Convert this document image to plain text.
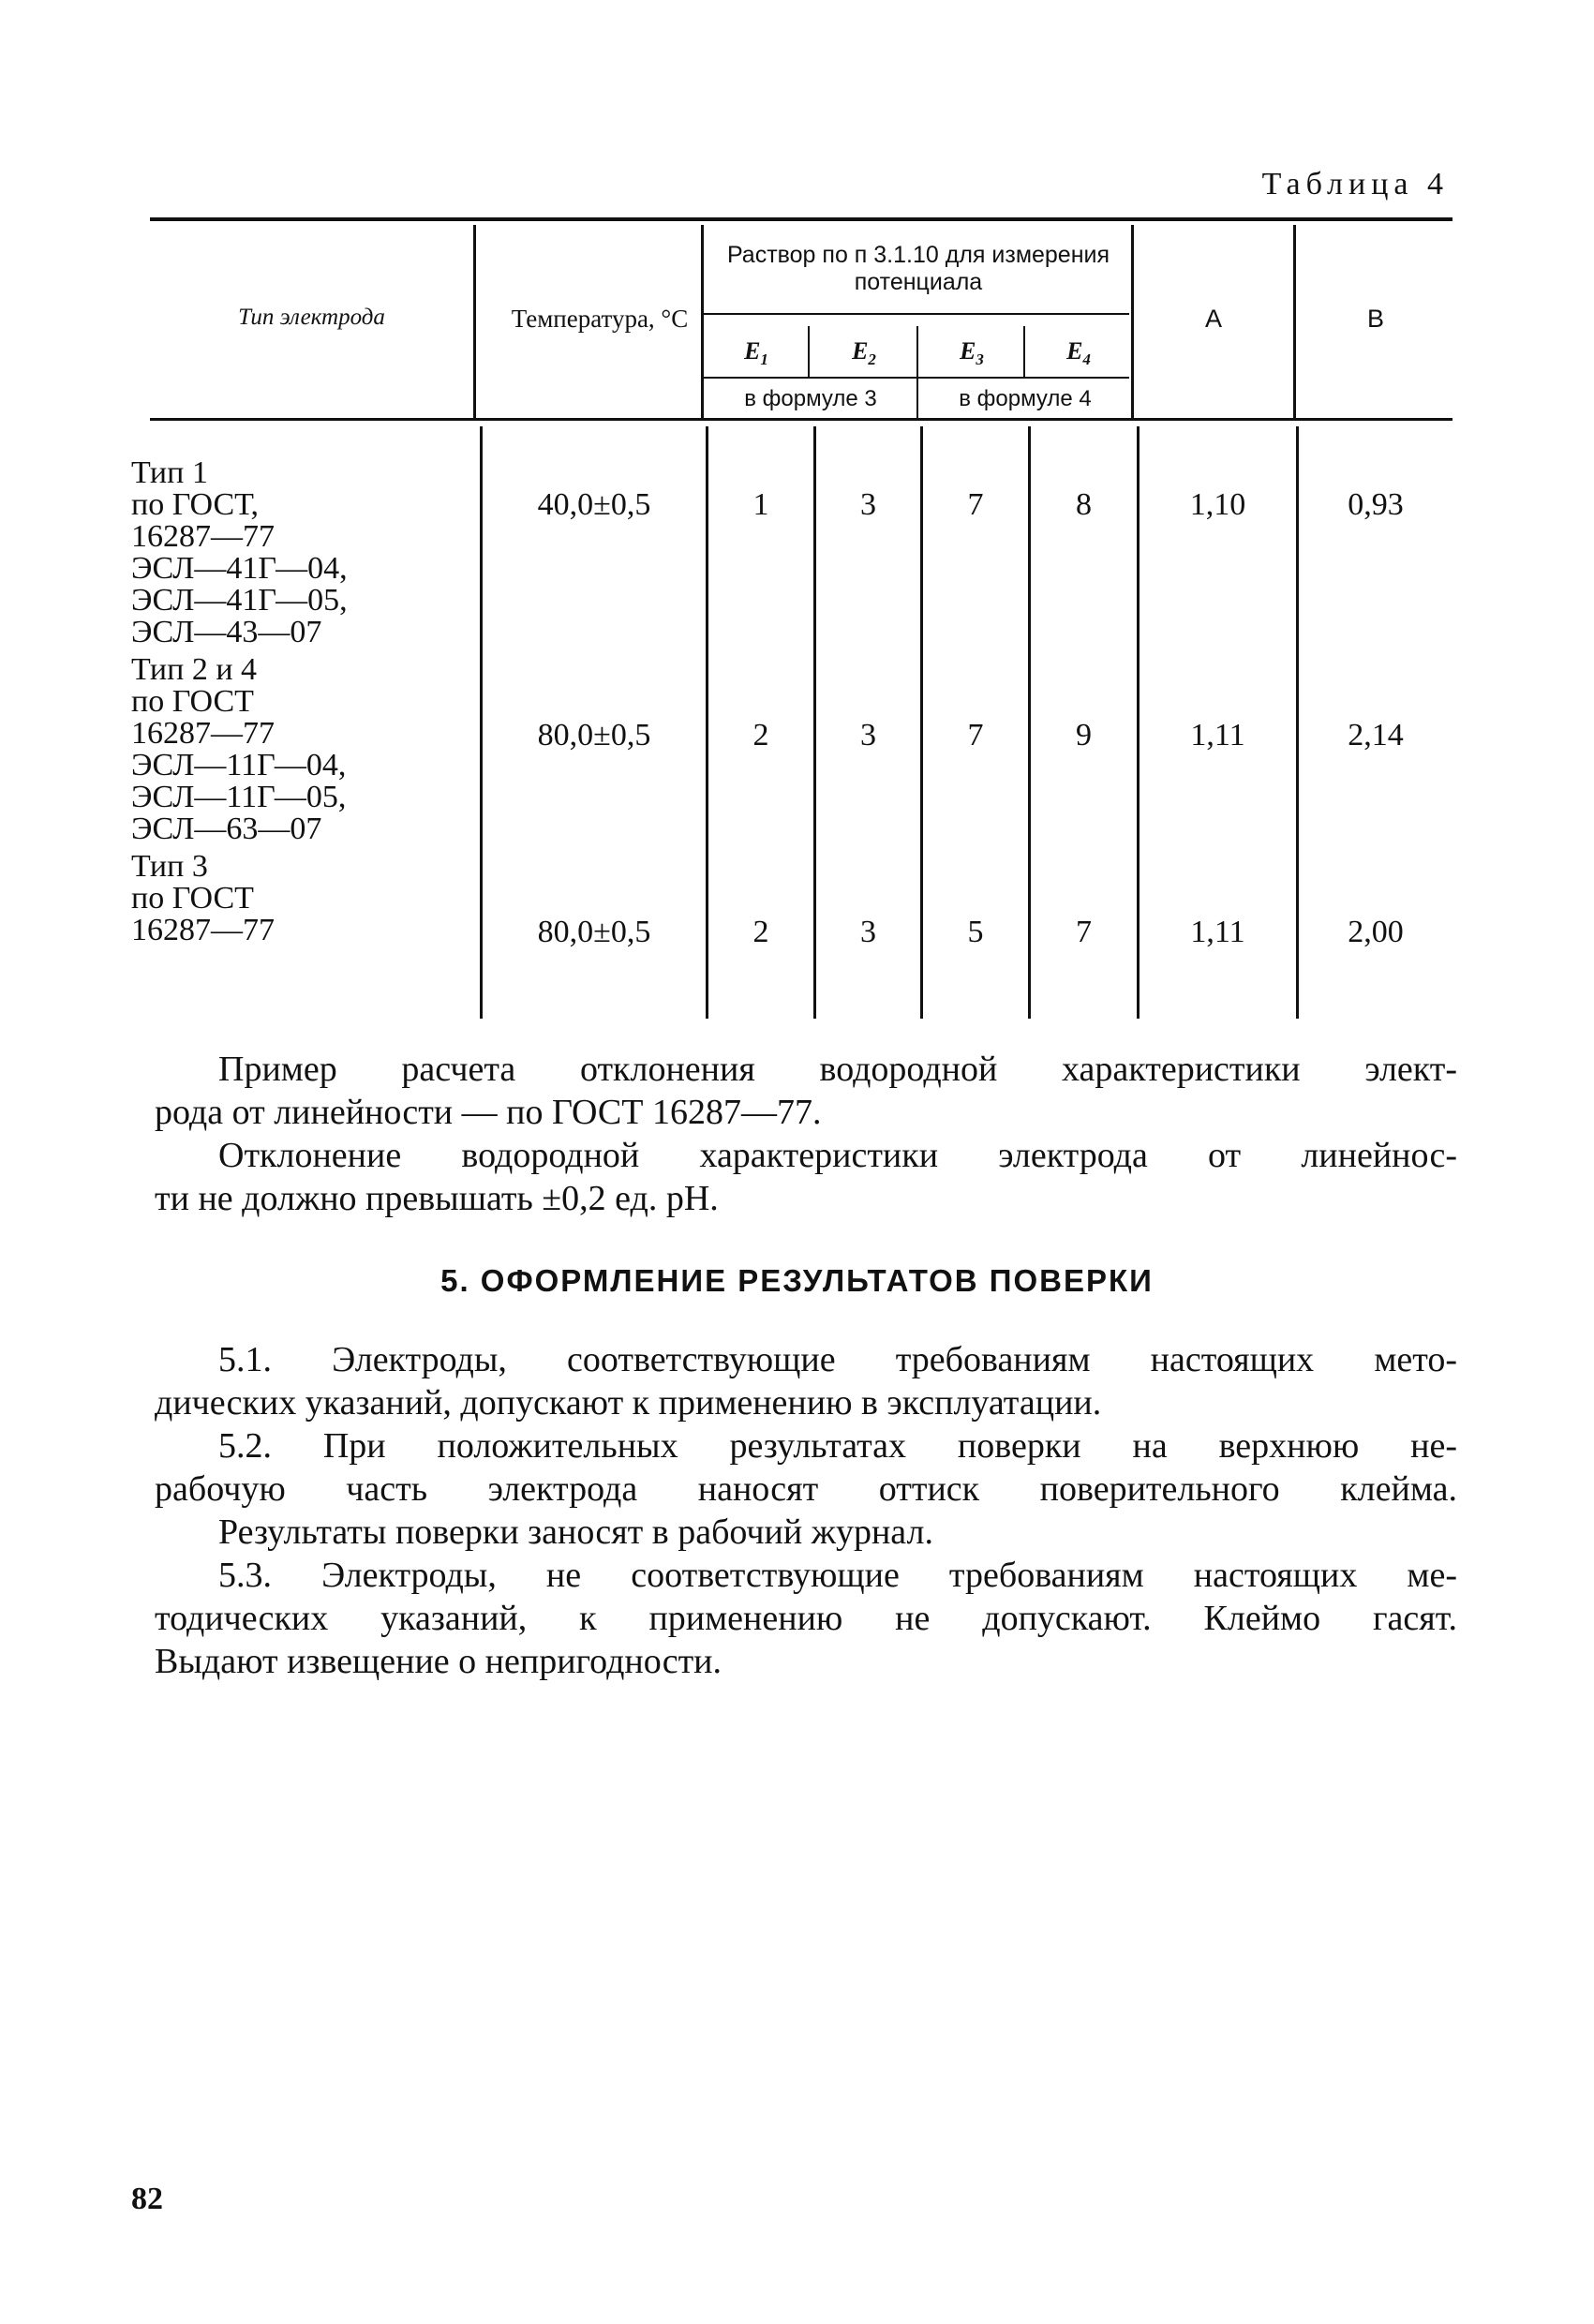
Таблица 4
Тип электрода	Температура, °С
Раствор по п 3.1.10 для измерения потенциала
$E_1$	$E_2$	$E_3$	$E_4$
в формуле 3	в формуле 4
А	В
Тип 1
по ГОСТ,
16287—77
ЭСЛ—41Г—04,
ЭСЛ—41Г—05,
ЭСЛ—43—07
40,0±0,5	1	3	7	8	1,10	0,93
Тип 2 и 4
по ГОСТ
16287—77
ЭСЛ—11Г—04,
ЭСЛ—11Г—05,
ЭСЛ—63—07
80,0±0,5	2	3	7	9	1,11	2,14
Тип 3
по ГОСТ
16287—77	80,0±0,5	2	3	5	7	1,11	2,00
Пример расчета отклонения водородной характеристики элект-
рода от линейности — по ГОСТ 16287—77.
Отклонение водородной характеристики электрода от линейнос-
ти не должно превышать ±0,2 ед. pH.
5. ОФОРМЛЕНИЕ РЕЗУЛЬТАТОВ ПОВЕРКИ
5.1. Электроды, соответствующие требованиям настоящих мето-
дических указаний, допускают к применению в эксплуатации.
5.2. При положительных результатах поверки на верхнюю не-
рабочую часть электрода наносят оттиск поверительного клейма.
Результаты поверки заносят в рабочий журнал.
5.3. Электроды, не соответствующие требованиям настоящих ме-
тодических указаний, к применению не допускают. Клеймо гасят.
Выдают извещение о непригодности.
82
